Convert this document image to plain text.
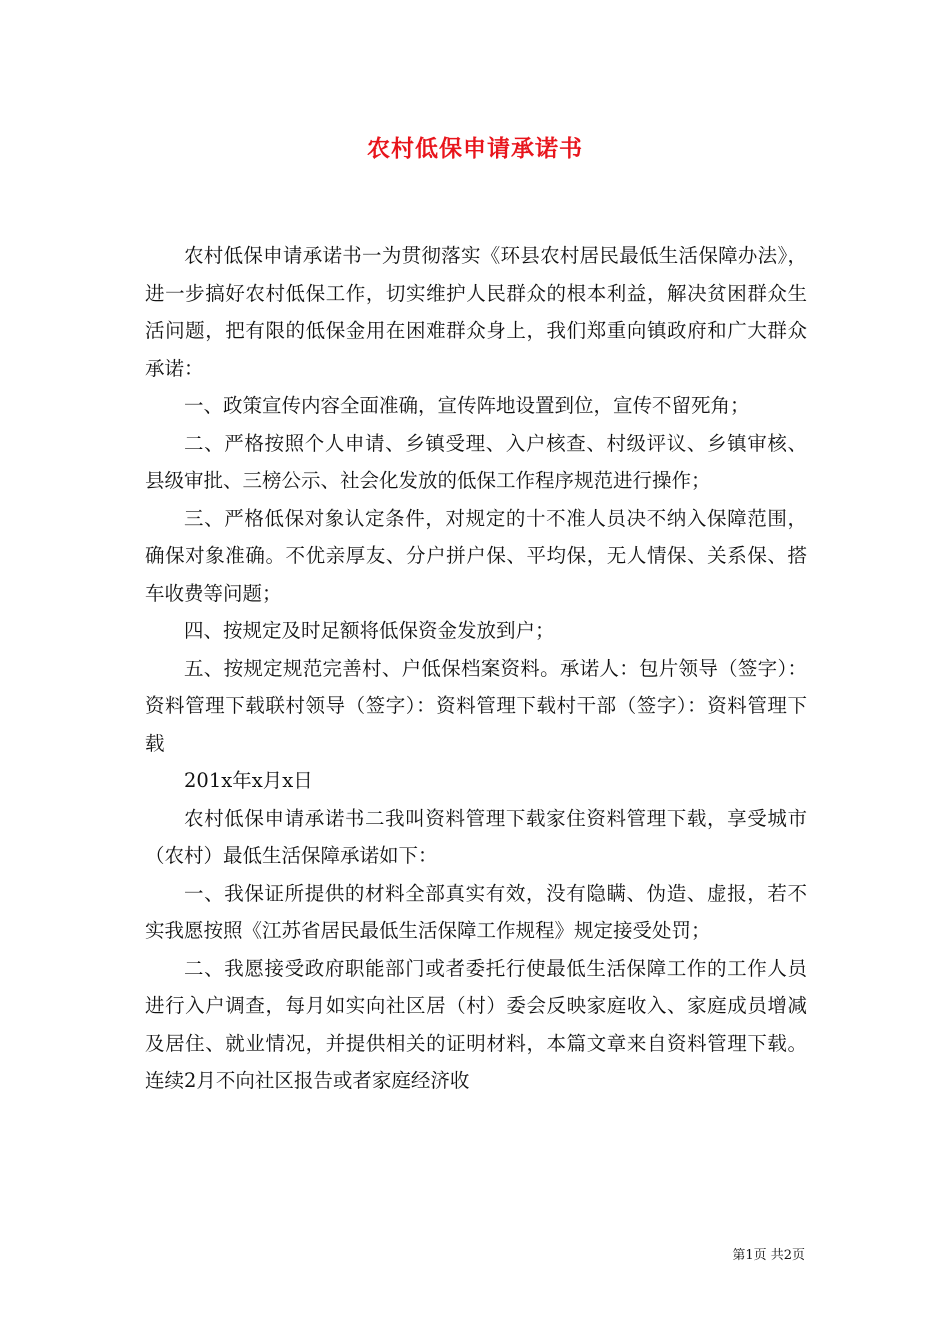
农村低保申请承诺书

农村低保申请承诺书一为贯彻落实《环县农村居民最低生活保障办法》，进一步搞好农村低保工作，切实维护人民群众的根本利益，解决贫困群众生活问题，把有限的低保金用在困难群众身上，我们郑重向镇政府和广大群众承诺：

一、政策宣传内容全面准确，宣传阵地设置到位，宣传不留死角；

二、严格按照个人申请、乡镇受理、入户核查、村级评议、乡镇审核、县级审批、三榜公示、社会化发放的低保工作程序规范进行操作；

三、严格低保对象认定条件，对规定的十不准人员决不纳入保障范围，确保对象准确。不优亲厚友、分户拼户保、平均保，无人情保、关系保、搭车收费等问题；

四、按规定及时足额将低保资金发放到户；

五、按规定规范完善村、户低保档案资料。承诺人：包片领导（签字）：资料管理下载联村领导（签字）：资料管理下载村干部（签字）：资料管理下载

201x年x月x日

农村低保申请承诺书二我叫资料管理下载家住资料管理下载，享受城市（农村）最低生活保障承诺如下：

一、我保证所提供的材料全部真实有效，没有隐瞒、伪造、虚报，若不实我愿按照《江苏省居民最低生活保障工作规程》规定接受处罚；

二、我愿接受政府职能部门或者委托行使最低生活保障工作的工作人员进行入户调查，每月如实向社区居（村）委会反映家庭收入、家庭成员增减及居住、就业情况，并提供相关的证明材料，本篇文章来自资料管理下载。连续2月不向社区报告或者家庭经济收

第1页 共2页
